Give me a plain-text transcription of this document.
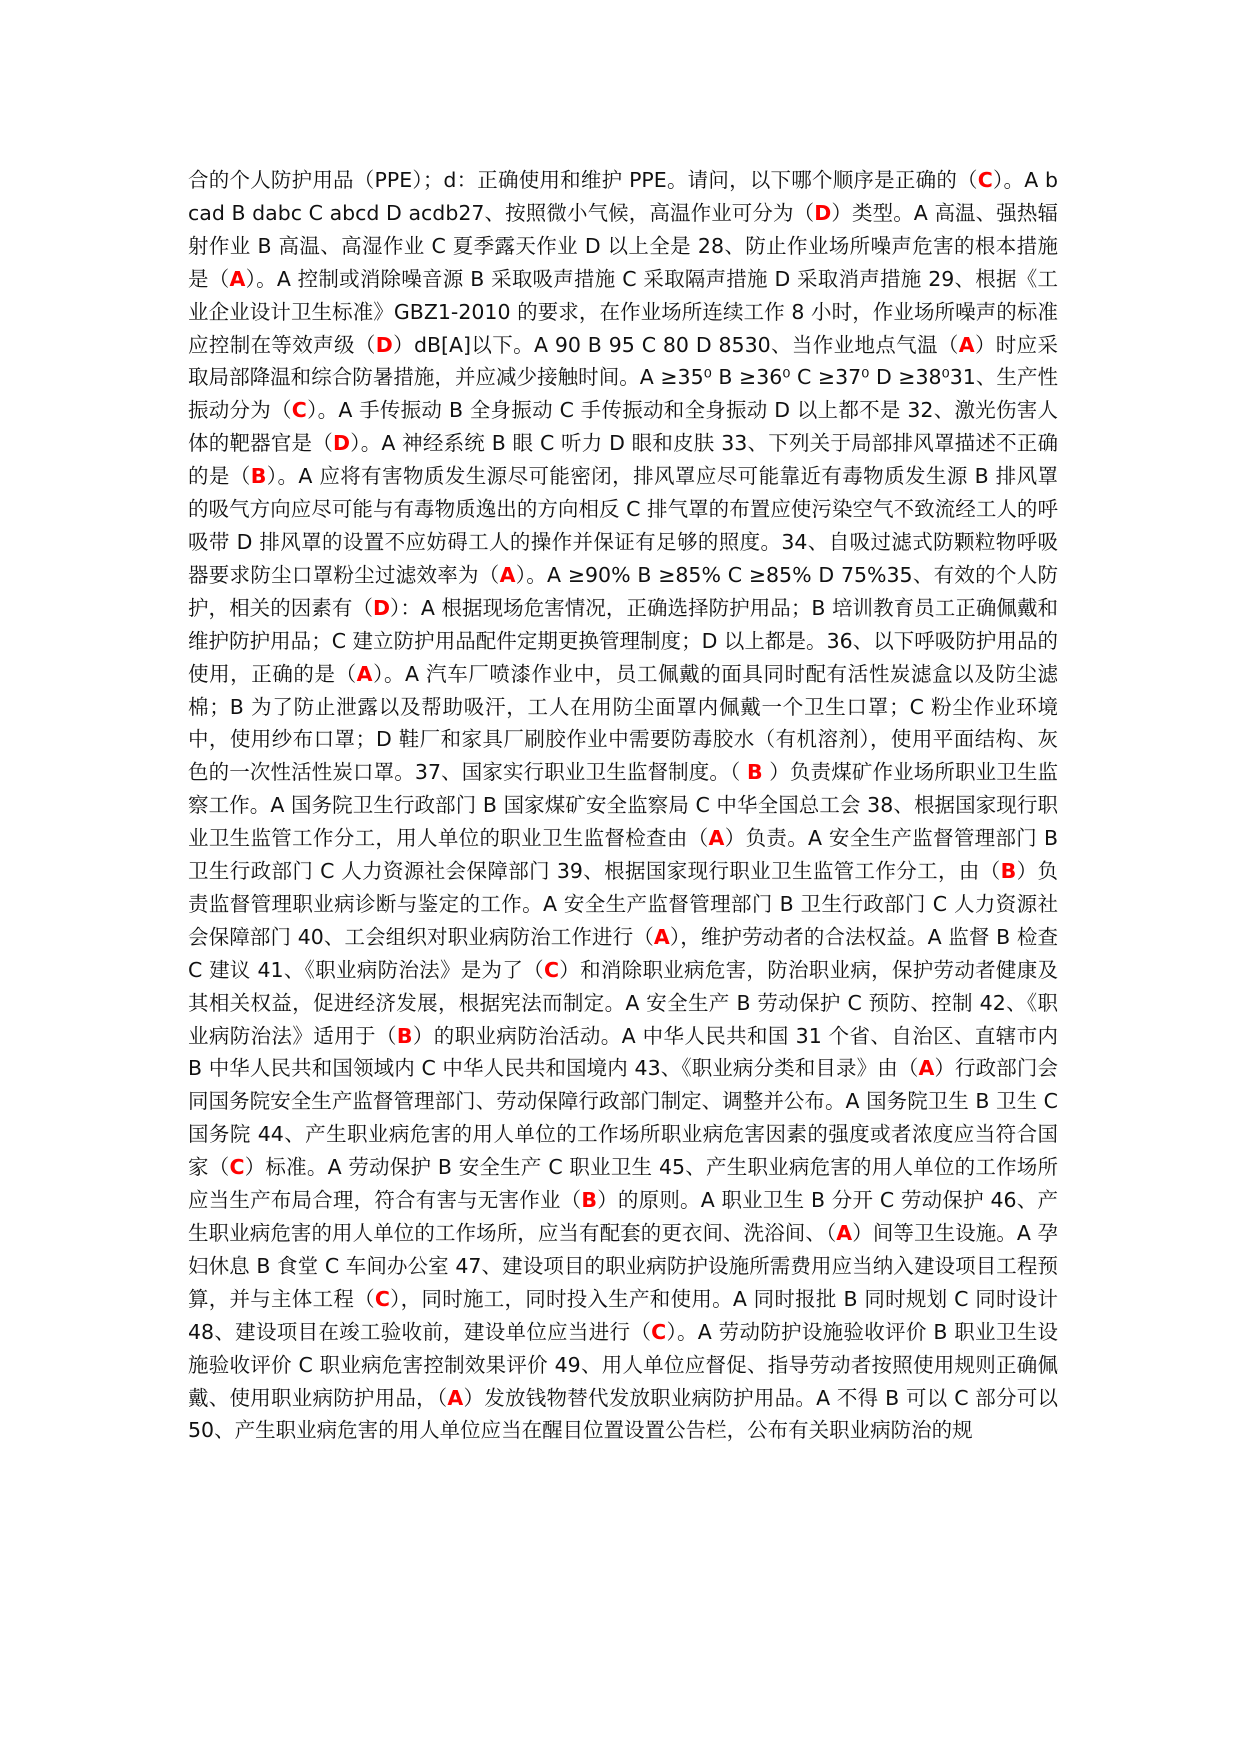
合的个人防护用品（PPE）；d：正确使用和维护 PPE。请问，以下哪个顺序是正确的（C）。A bcad B dabc C abcd D acdb27、按照微小气候，高温作业可分为（D）类型。A 高温、强热辐射作业 B 高温、高湿作业 C 夏季露天作业 D 以上全是 28、防止作业场所噪声危害的根本措施是（A）。A 控制或消除噪音源 B 采取吸声措施 C 采取隔声措施 D 采取消声措施 29、根据《工业企业设计卫生标准》GBZ1-2010 的要求，在作业场所连续工作 8 小时，作业场所噪声的标准应控制在等效声级（D）dB[A]以下。A 90 B 95 C 80 D 8530、当作业地点气温（A）时应采取局部降温和综合防暑措施，并应减少接触时间。A ≥35⁰ B ≥36⁰ C ≥37⁰ D ≥38⁰31、生产性振动分为（C）。A 手传振动 B 全身振动 C 手传振动和全身振动 D 以上都不是 32、激光伤害人体的靶器官是（D）。A 神经系统 B 眼 C 听力 D 眼和皮肤 33、下列关于局部排风罩描述不正确的是（B）。A 应将有害物质发生源尽可能密闭，排风罩应尽可能靠近有毒物质发生源 B 排风罩的吸气方向应尽可能与有毒物质逸出的方向相反 C 排气罩的布置应使污染空气不致流经工人的呼吸带 D 排风罩的设置不应妨碍工人的操作并保证有足够的照度。34、自吸过滤式防颗粒物呼吸器要求防尘口罩粉尘过滤效率为（A）。A ≥90% B ≥85% C ≥85% D 75%35、有效的个人防护，相关的因素有（D）：A 根据现场危害情况，正确选择防护用品；B 培训教育员工正确佩戴和维护防护用品；C 建立防护用品配件定期更换管理制度；D 以上都是。36、以下呼吸防护用品的使用，正确的是（A）。A 汽车厂喷漆作业中，员工佩戴的面具同时配有活性炭滤盒以及防尘滤棉；B 为了防止泄露以及帮助吸汗，工人在用防尘面罩内佩戴一个卫生口罩；C 粉尘作业环境中，使用纱布口罩；D 鞋厂和家具厂刷胶作业中需要防毒胶水（有机溶剂），使用平面结构、灰色的一次性活性炭口罩。37、国家实行职业卫生监督制度。（ B ）负责煤矿作业场所职业卫生监察工作。A 国务院卫生行政部门 B 国家煤矿安全监察局 C 中华全国总工会 38、根据国家现行职业卫生监管工作分工，用人单位的职业卫生监督检查由（A）负责。A 安全生产监督管理部门 B 卫生行政部门 C 人力资源社会保障部门 39、根据国家现行职业卫生监管工作分工，由（B）负责监督管理职业病诊断与鉴定的工作。A 安全生产监督管理部门 B 卫生行政部门 C 人力资源社会保障部门 40、工会组织对职业病防治工作进行（A），维护劳动者的合法权益。A 监督 B 检查 C 建议 41、《职业病防治法》是为了（C）和消除职业病危害，防治职业病，保护劳动者健康及其相关权益，促进经济发展，根据宪法而制定。A 安全生产 B 劳动保护 C 预防、控制 42、《职业病防治法》适用于（B）的职业病防治活动。A 中华人民共和国 31 个省、自治区、直辖市内 B 中华人民共和国领域内 C 中华人民共和国境内 43、《职业病分类和目录》由（A）行政部门会同国务院安全生产监督管理部门、劳动保障行政部门制定、调整并公布。A 国务院卫生 B 卫生 C 国务院 44、产生职业病危害的用人单位的工作场所职业病危害因素的强度或者浓度应当符合国家（C）标准。A 劳动保护 B 安全生产 C 职业卫生 45、产生职业病危害的用人单位的工作场所应当生产布局合理，符合有害与无害作业（B）的原则。A 职业卫生 B 分开 C 劳动保护 46、产生职业病危害的用人单位的工作场所，应当有配套的更衣间、洗浴间、（A）间等卫生设施。A 孕妇休息 B 食堂 C 车间办公室 47、建设项目的职业病防护设施所需费用应当纳入建设项目工程预算，并与主体工程（C），同时施工，同时投入生产和使用。A 同时报批 B 同时规划 C 同时设计 48、建设项目在竣工验收前，建设单位应当进行（C）。A 劳动防护设施验收评价 B 职业卫生设施验收评价 C 职业病危害控制效果评价 49、用人单位应督促、指导劳动者按照使用规则正确佩戴、使用职业病防护用品，（A）发放钱物替代发放职业病防护用品。A 不得 B 可以 C 部分可以 50、产生职业病危害的用人单位应当在醒目位置设置公告栏，公布有关职业病防治的规
